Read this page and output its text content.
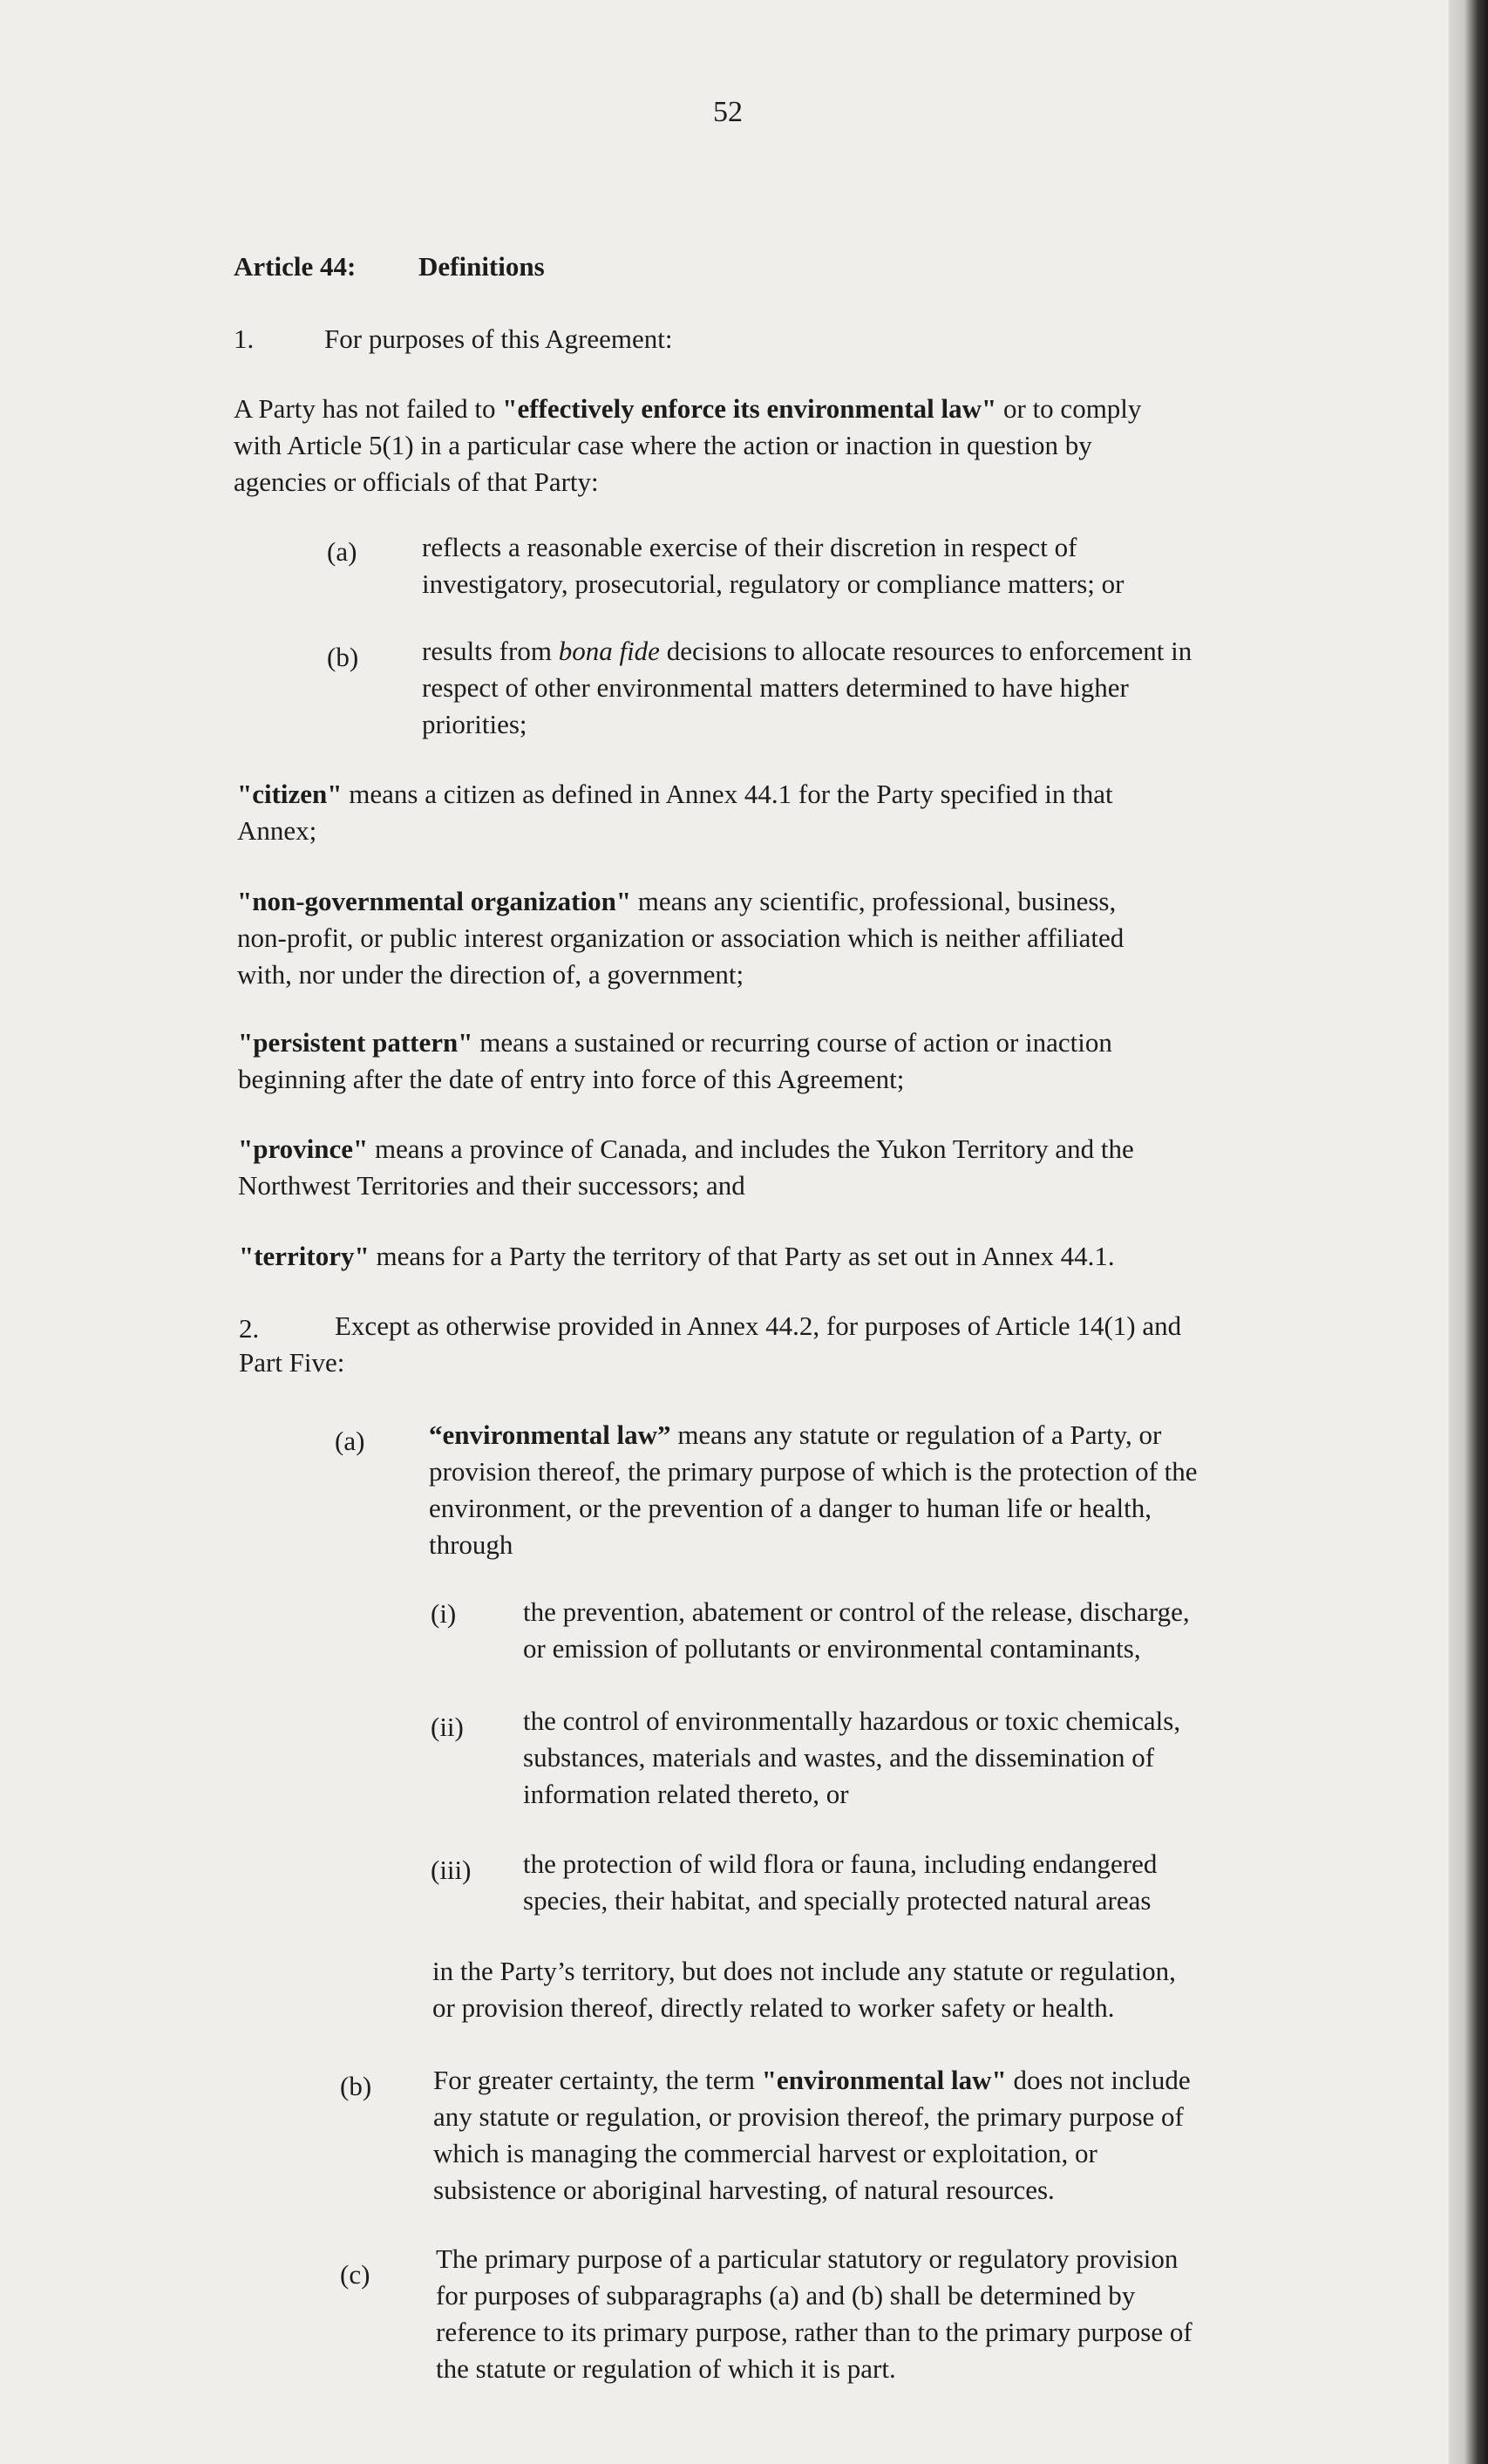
52
Article 44: Definitions
1.	For purposes of this Agreement:
A Party has not failed to "effectively enforce its environmental law" or to comply
with Article 5(1) in a particular case where the action or inaction in question by
agencies or officials of that Party:
(a) reflects a reasonable exercise of their discretion in respect of
investigatory, prosecutorial, regulatory or compliance matters; or
(b) results from bona fide decisions to allocate resources to enforcement in
respect of other environmental matters determined to have higher
priorities;
"citizen" means a citizen as defined in Annex 44.1 for the Party specified in that
Annex;
"non-governmental organization" means any scientific, professional, business,
non-profit, or public interest organization or association which is neither affiliated
with, nor under the direction of, a government;
"persistent pattern" means a sustained or recurring course of action or inaction
beginning after the date of entry into force of this Agreement;
"province" means a province of Canada, and includes the Yukon Territory and the
Northwest Territories and their successors; and
"territory" means for a Party the territory of that Party as set out in Annex 44.1.
2.	Except as otherwise provided in Annex 44.2, for purposes of Article 14(1) and
Part Five:
(a) “environmental law” means any statute or regulation of a Party, or
provision thereof, the primary purpose of which is the protection of the
environment, or the prevention of a danger to human life or health,
through
(i) the prevention, abatement or control of the release, discharge,
or emission of pollutants or environmental contaminants,
(ii) the control of environmentally hazardous or toxic chemicals,
substances, materials and wastes, and the dissemination of
information related thereto, or
(iii) the protection of wild flora or fauna, including endangered
species, their habitat, and specially protected natural areas
in the Party’s territory, but does not include any statute or regulation,
or provision thereof, directly related to worker safety or health.
(b) For greater certainty, the term "environmental law" does not include
any statute or regulation, or provision thereof, the primary purpose of
which is managing the commercial harvest or exploitation, or
subsistence or aboriginal harvesting, of natural resources.
(c)
The primary purpose of a particular statutory or regulatory provision
for purposes of subparagraphs (a) and (b) shall be determined by
reference to its primary purpose, rather than to the primary purpose of
the statute or regulation of which it is part.
